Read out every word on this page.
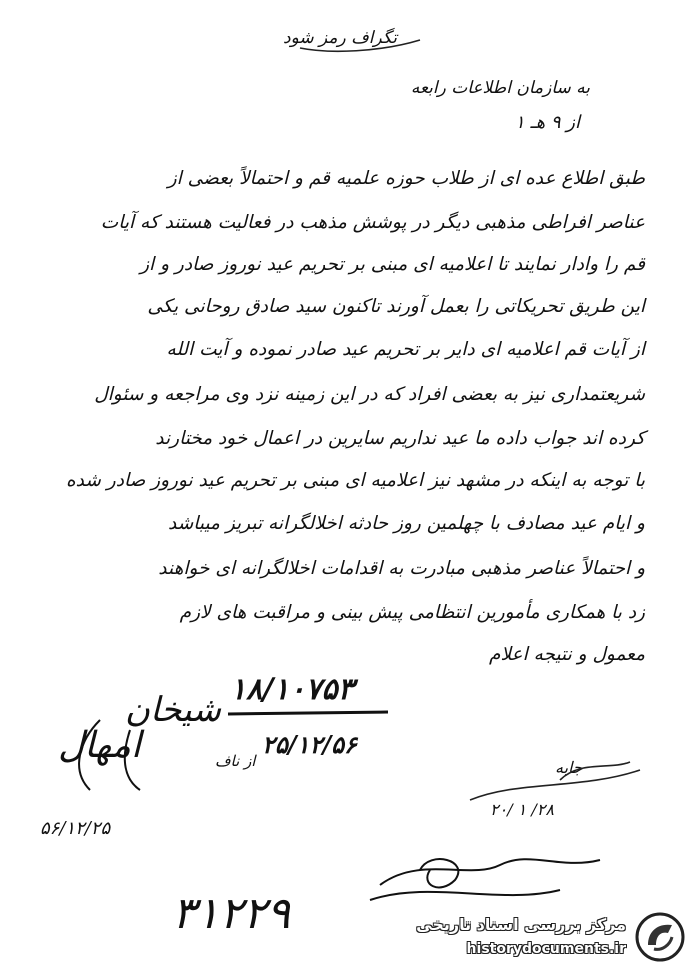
تگراف رمز شود
به سازمان اطلاعات رابعه
از ۹ هـ ۱
طبق اطلاع عده ای از طلاب حوزه علمیه قم و احتمالاً بعضی از
عناصر افراطی مذهبی دیگر در پوشش مذهب در فعالیت هستند که آیات
قم را وادار نمایند تا اعلامیه ای مبنی بر تحریم عید نوروز صادر و از
این طریق تحریکاتی را بعمل آورند تاکنون سید صادق روحانی یکی
از آیات قم اعلامیه ای دایر بر تحریم عید صادر نموده و آیت الله
شریعتمداری نیز به بعضی افراد که در این زمینه نزد وی مراجعه و سئوال
کرده اند جواب داده ما عید نداریم سایرین در اعمال خود مختارند
با توجه به اینکه در مشهد نیز اعلامیه ای مبنی بر تحریم عید نوروز صادر شده
و ایام عید مصادف با چهلمین روز حادثه اخلالگرانه تبریز میباشد
و احتمالاً عناصر مذهبی مبادرت به اقدامات اخلالگرانه ای خواهند
زد با همکاری مأمورین انتظامی پیش بینی و مراقبت های لازم
معمول و نتیجه اعلام
۱۸/۱۰۷۵۳
۲۵/۱۲/۵۶
شیخان
از ناف
امهال
۵۶/۱۲/۲۵
جابه
۲۸/ ۱ /۲۰
۳۱۲۲۹	مرکز بررسی اسناد تاریخی
historydocuments.ir
